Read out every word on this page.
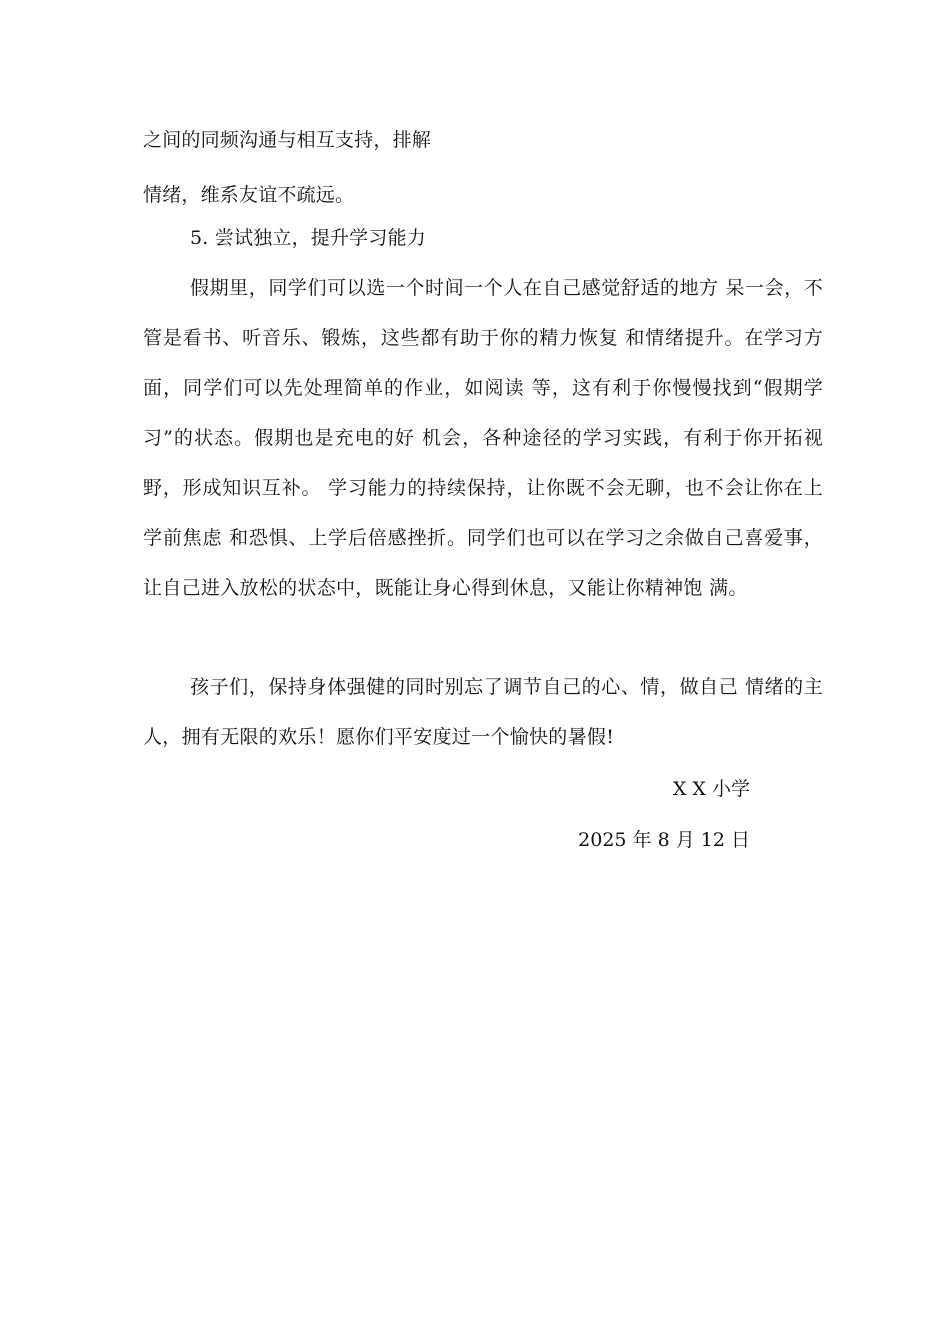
之间的同频沟通与相互支持，排解
情绪，维系友谊不疏远。
5. 尝试独立，提升学习能力

假期里，同学们可以选一个时间一个人在自己感觉舒适的地方 呆一会，不管是看书、听音乐、锻炼，这些都有助于你的精力恢复 和情绪提升。在学习方面，同学们可以先处理简单的作业，如阅读 等，这有利于你慢慢找到“假期学习”的状态。假期也是充电的好 机会，各种途径的学习实践，有利于你开拓视野，形成知识互补。 学习能力的持续保持，让你既不会无聊，也不会让你在上学前焦虑 和恐惧、上学后倍感挫折。同学们也可以在学习之余做自己喜爱事， 让自己进入放松的状态中，既能让身心得到休息，又能让你精神饱 满。

孩子们，保持身体强健的同时别忘了调节自己的心、情，做自己 情绪的主人，拥有无限的欢乐！愿你们平安度过一个愉快的暑假!

X X 小学
2025 年 8 月 12 日
